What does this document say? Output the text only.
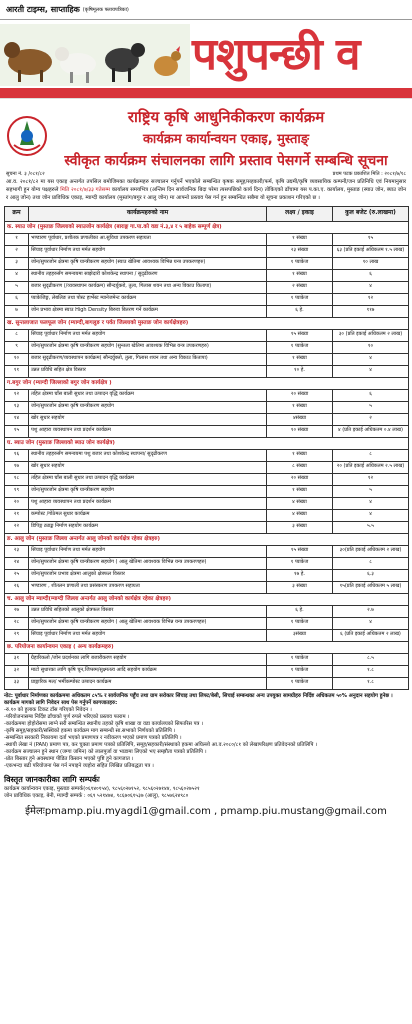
आरती टाइम्स, साप्ताहिक (कृषिमूलक फ्लायपत्रिका)
पशुपन्छी व
राष्ट्रिय कृषि आधुनिकीकरण कार्यक्रम
कार्यक्रम कार्यान्वयन एकाइ, मुस्ताङ्
स्वीकृत कार्यक्रम संचालनका लागि प्रस्ताव पेसगर्ने सम्बन्धि सूचना
सूचना नं. ३ /०८१/८२	प्रथम पटक प्रकाशित मिति : २०८१/७/१८
आ.व. २०८१/८२ मा यस एकाइ अन्तर्गत तपसिल बमोजिमका कार्यक्रमहरु सञ्चालन गर्नुपर्ने भएकोले सम्बन्धित कृषक समूह/सहकारी/फर्म, कृषि उद्यमी/कृषि व्यवसायिक कम्पनी/जन प्रतिनिधि एवं नियमानुसार सहभागी हुन योग्य पक्षहरुले मिति २०८१/७/३३ गतेसम्म कार्यालय समयभित्र (अन्तिम दिन सार्वजनिक बिदा परेमा त्यसपछिको कार्य दिन) तोकिएको ढाँचामा यस प.का.ए. कार्यालय, मुस्ताङ (स्याउ जोन, ब्याउ जोन र आलु जोन) तथा जोन प्राविधिक एकाइ, म्याग्दी कार्यालय (मुस्तांग/बगुर र आलु जोन) मा आफ्नो प्रस्ताव पेस गर्न हुन सम्बन्धित सबैमा यो सूचना प्रकाशन गरिएको छ ।
क्रम	कार्यक्रमहरुको नाम	लक्ष्य / इकाइ	कुल बजेट (रु.लाखमा)
क. स्याउ जोन (मुस्ताङ जिल्लाको स्याउजोन कार्यक्षेत्र (बाराङ्ग गा.पा.को वडा नं.३,४ र ५ बाहेक सम्पूर्ण क्षेत्र)			
१	भण्डारण पूर्वाधार, प्रशीतक प्रणालीका आ.सुविधा उपकरण सहायता	१ संख्या	१५
२	सिंचाइ पूर्वाधार निर्माण तथा मर्मत सहयोग	२३ संख्या	६३ (प्रति इकाई अधिकतम १.५ लाख)
३	जोन/सुपरजोन क्षेत्रमा कृषि यान्त्रीकरण सहयोग (स्याउ खेतिमा आवश्यक विभिन्न यन्त्र उपकरणहरु)	१ प्याकेज	१० लाख
४	स्थानीय तहहरुसँग समन्वयमा साझेदारी कोशकेन्द्र स्थापना / सुदृढीकरण	१ संख्या	६
५	बजार सुदृढीकरण (/व्यवस्थापन कार्यक्रम) सौन्दर्युक्तो, तुला, गिलास शयन तथा अन्य विकाउ कितापा)	२ संख्या	४
६	प्याकेजिङ्ग, लेबलिङ तथा पोस्ट हार्भेस्ट म्यानेजमेन्ट कार्यक्रम	१ प्याकेज	१२
७	जोन प्रभाव क्षेत्रमा स्याउ High Density बिरुवा बितरण गर्ने कार्यक्रम	६ हे.	११७
ख. सुन्तलाजात फलफूल जोन (म्याग्दी,बागलुङ र पर्वत जिल्लाको मुस्ताङ जोन कार्यक्षेत्रहरु)			
८	सिंचाइ पूर्वाधार निर्माण तथा मर्मत सहयोग	१५ संख्या	३० (प्रति इकाई अधिकतम २ लाख)
९	जोन/सुपरजोन क्षेत्रमा कृषि यान्त्रीकरण सहयोग (सुन्तला खेतिमा आवश्यक विभिन्न यन्त्र उपकरणहरु)	१ प्याकेज	१०
१०	बजार सुदृढीकरण/व्यवस्थापन कार्यक्रम( सौन्दर्युक्तो, तुला, गिलास शयन तथा अन्य विकाउ कितापा)	१ संख्या	४
११	उन्नत प्रविधि सहित क्षेत्र विस्तार	१० हे.	४
ग.बगुर जोन (म्याग्दी जिल्लाको बगुर जोन कार्यक्षेत्र )			
१२	तहित क्षेत्रमा घाँस बाली सुधार तथा उत्पादन वृद्धि कार्यक्रम	२० संख्या	६
१३	जोन/सुपरजोन क्षेत्रमा कृषि यान्त्रीकरण सहयोग	१ संख्या	५
१४	खोर सुधार सहयोग	४संख्या	२
१५	पशु आहारा व्यवस्थापन तथा प्रदर्शन कार्यक्रम	१० संख्या	४ (प्रति इकाई अधिकतम ०.४ लाख)
घ. ब्याउ जोन (मुस्ताङ जिल्लाको ब्याउ जोन कार्यक्षेत्र)			
१६	स्थानीय तहहरुसँग समन्वयमा पशु बजार तथा कोशकेन्द्र स्थापना/ सुदृढीकरण	१ संख्या	८
१७	खोर सुधार सहयोग	८ संख्या	२० (प्रति इकाई अधिकतम २.५ लाख)
१८	तहित क्षेत्रमा घाँस बाली सुधार तथा उत्पादन वृद्धि कार्यक्रम	२० संख्या	१२
१९	जोन/सुपरजोन क्षेत्रमा कृषि यान्त्रीकरण सहयोग	१ संख्या	५
२०	पशु आहारा व्यवस्थापन तथा प्रदर्शन कार्यक्रम	४ संख्या	४
२१	कम्पोस्ट /गोठेमल सुधार कार्यक्रम	४ संख्या	४
२२	डिपिङ्ग ट्याङ्क निर्माण सहयोग कार्यक्रम	३ संख्या	५.५
ङ. आलु जोन (मुस्ताङ जिल्ला अन्तर्गत आलु जोनको कार्यक्षेत्र रहेका क्षेत्रहरु)			
२३	सिंचाइ पूर्वाधार निर्माण तथा मर्मत सहयोग	१५ संख्या	३०(प्रति इकाई अधिकतम २ लाख)
२४	जोन/सुपरजोन क्षेत्रमा कृषि यान्त्रीकरण सहयोग ( आलु खेतिमा आवश्यक विभिन्न यन्त्र उपकरणहरु)	१ प्याकेज	८
२५	जोन/सुपरजोन प्रभाव क्षेत्रमा आलुको क्षेत्रफल विस्तार	१७ हे.	६.३
२६	भण्डारण , शीतलन प्रणाली तथा प्रसंस्करण उपकरण सहायता	३ संख्या	१५(प्रति इकाई अधिकतम ५ लाख)
च. आलु जोन म्याग्दी(म्याग्दी जिल्ला अन्तर्गत आलु जोनको कार्यक्षेत्र रहेका क्षेत्रहरु)			
२७	उन्नत प्रविधि सहितको आलुको क्षेत्रफल विस्तार	६ हे.	२.७
२८	जोन/सुपरजोन क्षेत्रमा कृषि यान्त्रीकरण सहयोग ( आलु खेतिमा आवश्यक विभिन्न यन्त्र उपकरणहरु)	१ प्याकेज	४
२९	सिंचाइ पूर्वाधार निर्माण तथा मर्मत सहयोग	३संख्या	६ (प्रति इकाई अधिकतम २ लाख)
छ. परियोजना कार्यान्वयन एकाइ ( अन्य कार्यक्रमहरु)			
३१	ग्रैहारिकलो /जोन प्रदर्शनका लागि बजारीकरण सहयोग	१ प्याकेज	८.५
३२	माटो सुधारका लागि कृषि चून,जिप्सम/सुक्ष्मतत्व आदि सहयोग कार्यक्रम	१ प्याकेज	१.८
३३	प्राङ्गारिक मल/ भर्मीकम्पोस्ट उत्पादन कार्यक्रम	१ प्याकेज	१.८
नोट: पूर्वाधार निर्माणका कार्यक्रममा अधिकतम ८५% र सार्वजनिक पहुँच तथा ग्राम सरोकार सिंचाइ तथा लिफ्ट/बेसी, सिचाई सम्बन्धका अन्य उपयुक्त सामग्रीहरु निर्दिष्ट अधिकतम ५०% अनुदान सहयोग हुनेछ ।
कार्यक्रम मागको लागि निवेदन साथ पेस गर्नुपर्ने कागजातहरु:
-रु.१० को हुलाक टिकट टाँस गरिएको निवेदन ।
-परियोजनासम्ब निर्दिष्ट ढाँचाको पूर्ण रुपले भरिएको प्रस्ताव फाराम ।
-कार्यक्रममा होहोरोसमा लाग्ने सरी सम्बन्धित स्थानीय तहको कृषि शाखा वा वडा कार्यालयको सिफारिस पत्र ।
-कृषि समूह/सहकारी/सस्थिको हकमा कार्यक्रम माग सम्बन्धी सा.सभाको निर्णयको प्रतिलिपि ।
-सम्बन्धित सरकारी निकायमा दर्ता भएको प्रमाणपत्र र नवीकरण भएको प्रमाण पत्रको प्रतिलिपि ।
-स्थायी लेखा नं (PAN) प्रमाण पत्र, कर चुक्ता प्रमाण पत्रको प्रतिलिपि, समूह/सहकारी/संस्थाको हकमा अघिल्लो आ.व.२०८०/८१ को लेखापरिक्षण प्रतिवेदनको प्रतिलिपि ।
-कार्यक्रम सञ्चालन हुने स्थान (जग्गा जमिन) को लालपुर्जा वा भाडामा लिएको भए सम्झौता पत्रको प्रतिलिपि ।
-प्रोत बिस्तार हुने अवस्थामा पीडित किसान भएको पुष्टि हुने कागजात ।
-एकभन्दा बढी परियोजना पेस गर्न नपाइने व्यहोरा सहित लिखित प्रतिबद्धता पत्र ।
विस्तृत जानकारीका लागि सम्पर्कः
कार्यक्रम कार्यान्वयन एकाइ, मुस्ताङ सम्पर्क(०६९४०१५४), ९८५६०२७१५२, ९८५६०२७१४४, ९८५६०२७५२१
जोन प्राविधिक एकाइ, बेनी, म्याग्दी सम्पर्क : ०६९ ५२१४७४, ९८६७०६१५३७ (आलु), ९८५७६२४९८०
ईमेलःpmamp.piu.myagdi1@gmail.com , pmamp.piu.mustang@gmail.com
